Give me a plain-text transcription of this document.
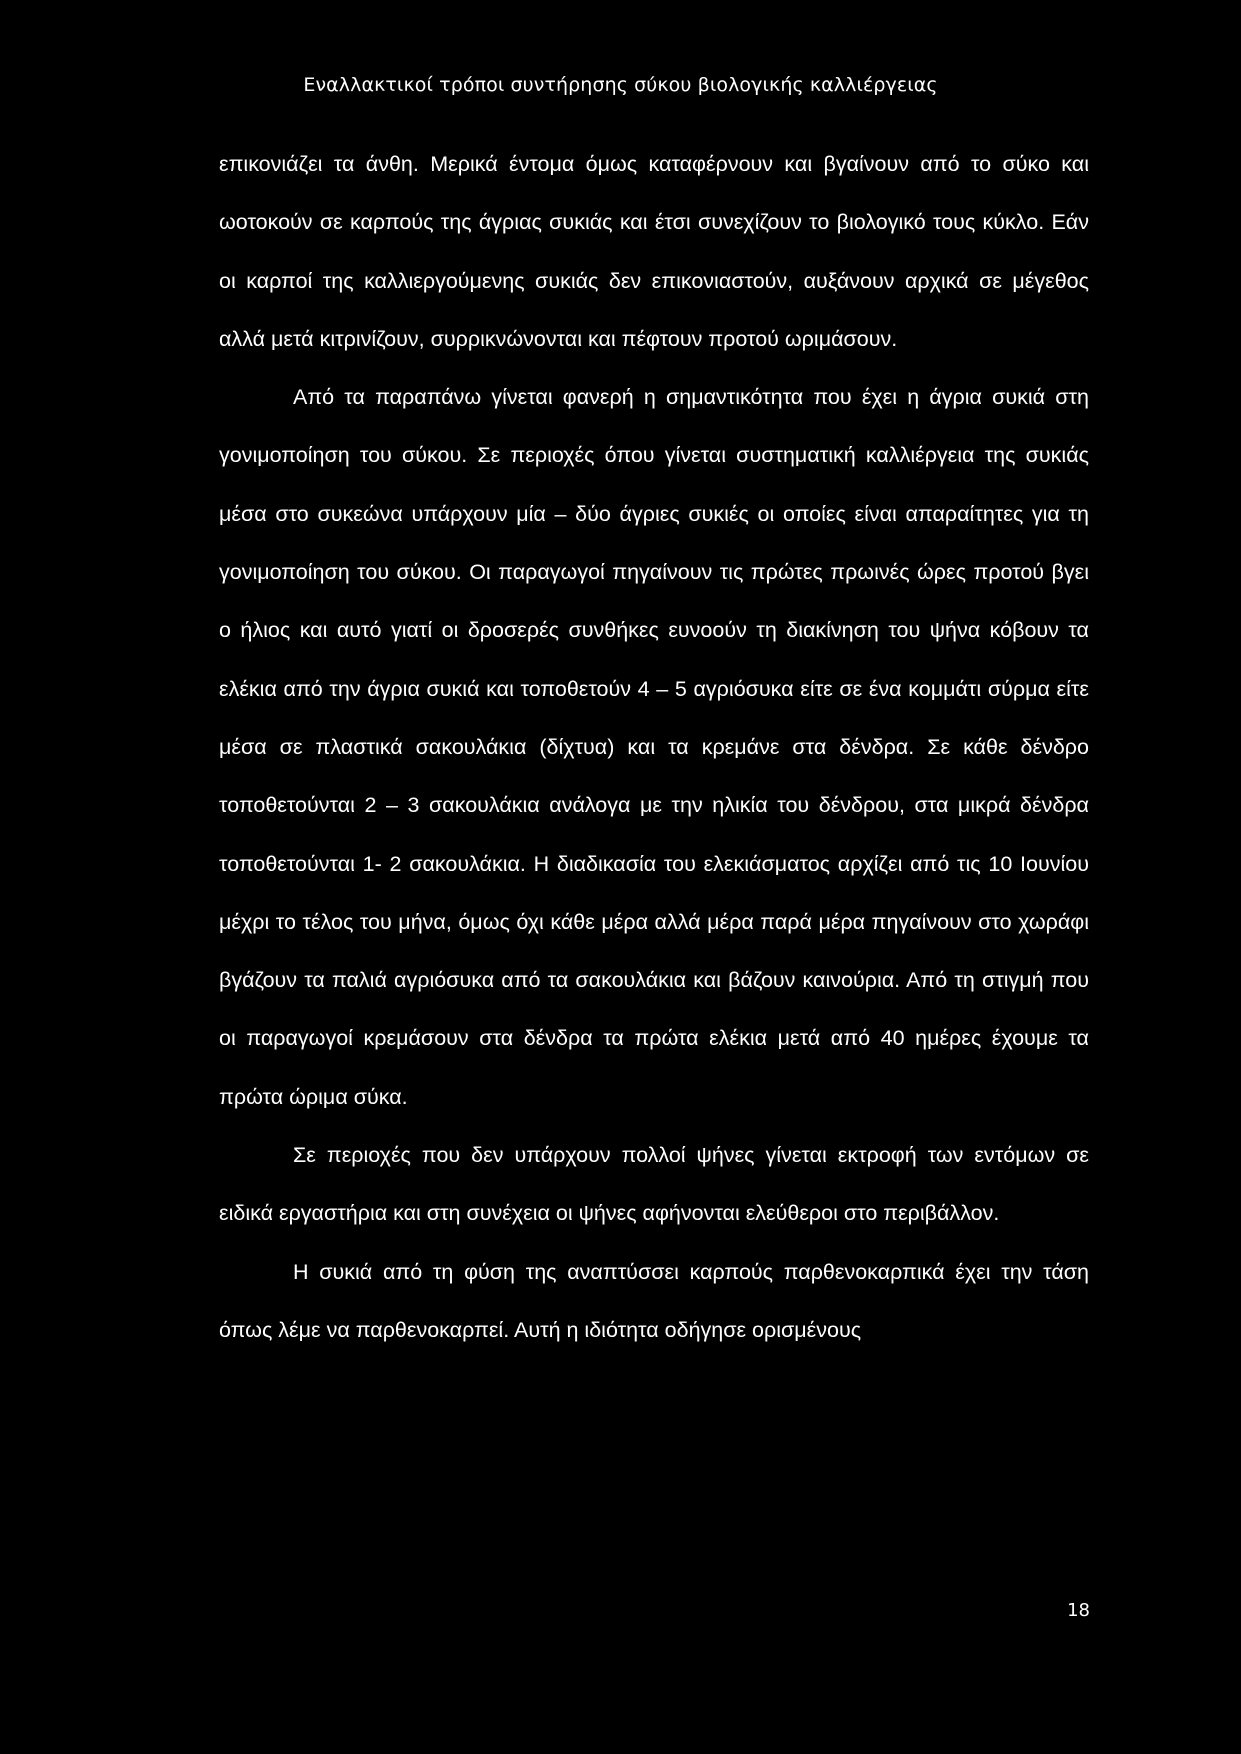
Εναλλακτικοί τρόποι συντήρησης σύκου βιολογικής καλλιέργειας

επικονιάζει τα άνθη. Μερικά έντομα όμως καταφέρνουν και βγαίνουν από το σύκο και ωοτοκούν σε καρπούς της άγριας συκιάς και έτσι συνεχίζουν το βιολογικό τους κύκλο. Εάν οι καρποί της καλλιεργούμενης συκιάς δεν επικονιαστούν, αυξάνουν αρχικά σε μέγεθος αλλά μετά κιτρινίζουν, συρρικνώνονται και πέφτουν προτού ωριμάσουν.

Από τα παραπάνω γίνεται φανερή η σημαντικότητα που έχει η άγρια συκιά στη γονιμοποίηση του σύκου. Σε περιοχές όπου γίνεται συστηματική καλλιέργεια της συκιάς μέσα στο συκεώνα υπάρχουν μία – δύο άγριες συκιές οι οποίες είναι απαραίτητες για τη γονιμοποίηση του σύκου. Οι παραγωγοί πηγαίνουν τις πρώτες πρωινές ώρες προτού βγει ο ήλιος και αυτό γιατί οι δροσερές συνθήκες ευνοούν τη διακίνηση του ψήνα κόβουν τα ελέκια από την άγρια συκιά και τοποθετούν 4 – 5 αγριόσυκα είτε σε ένα κομμάτι σύρμα είτε μέσα σε πλαστικά σακουλάκια (δίχτυα) και τα κρεμάνε στα δένδρα. Σε κάθε δένδρο τοποθετούνται 2 – 3 σακουλάκια ανάλογα με την ηλικία του δένδρου, στα μικρά δένδρα τοποθετούνται 1- 2 σακουλάκια. Η διαδικασία του ελεκιάσματος αρχίζει από τις 10 Ιουνίου μέχρι το τέλος του μήνα, όμως όχι κάθε μέρα αλλά μέρα παρά μέρα πηγαίνουν στο χωράφι βγάζουν τα παλιά αγριόσυκα από τα σακουλάκια και βάζουν καινούρια. Από τη στιγμή που οι παραγωγοί κρεμάσουν στα δένδρα τα πρώτα ελέκια μετά από 40 ημέρες έχουμε τα πρώτα ώριμα σύκα.

Σε περιοχές που δεν υπάρχουν πολλοί ψήνες γίνεται εκτροφή των εντόμων σε ειδικά εργαστήρια και στη συνέχεια οι ψήνες αφήνονται ελεύθεροι στο περιβάλλον.

Η συκιά από τη φύση της αναπτύσσει καρπούς παρθενοκαρπικά έχει την τάση όπως λέμε να παρθενοκαρπεί. Αυτή η ιδιότητα οδήγησε ορισμένους

18
